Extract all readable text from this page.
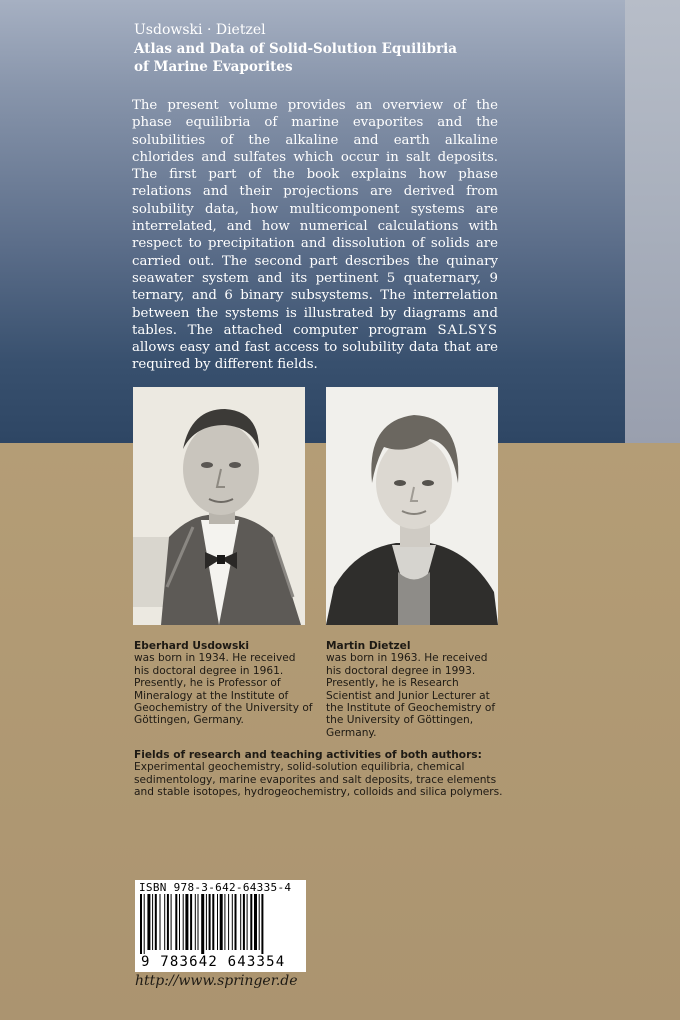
Usdowski · Dietzel
Atlas and Data of Solid-Solution Equilibria
of Marine Evaporites

The present volume provides an overview of the phase equilibria of marine evaporites and the solubilities of the alkaline and earth alkaline chlorides and sulfates which occur in salt deposits. The first part of the book explains how phase relations and their projections are derived from solubility data, how multicomponent systems are interrelated, and how numerical calculations with respect to precipitation and dissolution of solids are carried out. The second part describes the quinary seawater system and its pertinent 5 quaternary, 9 ternary, and 6 binary subsystems. The interrelation between the systems is illustrated by diagrams and tables. The attached computer program SALSYS allows easy and fast access to solubility data that are required by different fields.

Eberhard Usdowski
was born in 1934. He received his doctoral degree in 1961. Presently, he is Professor of Mineralogy at the Institute of Geochemistry of the University of Göttingen, Germany.
Martin Dietzel
was born in 1963. He received his doctoral degree in 1993. Presently, he is Research Scientist and Junior Lecturer at the Institute of Geochemistry of the University of Göttingen, Germany.
Fields of research and teaching activities of both authors:
Experimental geochemistry, solid-solution equilibria, chemical sedimentology, marine evaporites and salt deposits, trace elements and stable isotopes, hydrogeochemistry, colloids and silica polymers.
ISBN 978-3-642-64335-4
9 783642 643354
http://www.springer.de
